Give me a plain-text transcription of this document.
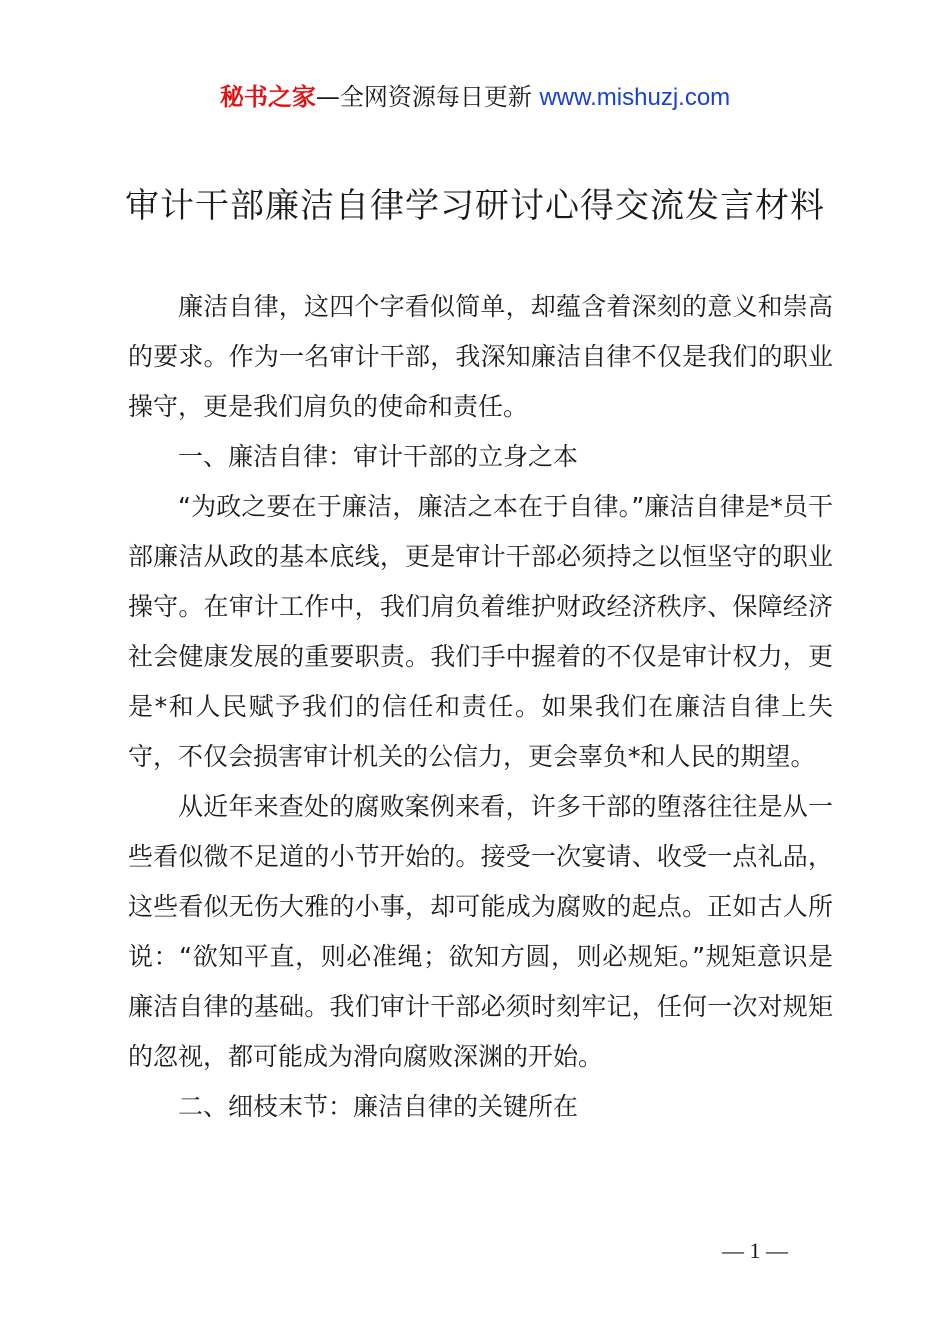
秘书之家—全网资源每日更新 www.mishuzj.com
审计干部廉洁自律学习研讨心得交流发言材料

廉洁自律，这四个字看似简单，却蕴含着深刻的意义和崇高的要求。作为一名审计干部，我深知廉洁自律不仅是我们的职业操守，更是我们肩负的使命和责任。

一、廉洁自律：审计干部的立身之本

“为政之要在于廉洁，廉洁之本在于自律。”廉洁自律是*员干部廉洁从政的基本底线，更是审计干部必须持之以恒坚守的职业操守。在审计工作中，我们肩负着维护财政经济秩序、保障经济社会健康发展的重要职责。我们手中握着的不仅是审计权力，更是*和人民赋予我们的信任和责任。如果我们在廉洁自律上失守，不仅会损害审计机关的公信力，更会辜负*和人民的期望。

从近年来查处的腐败案例来看，许多干部的堕落往往是从一些看似微不足道的小节开始的。接受一次宴请、收受一点礼品，这些看似无伤大雅的小事，却可能成为腐败的起点。正如古人所说：“欲知平直，则必准绳；欲知方圆，则必规矩。”规矩意识是廉洁自律的基础。我们审计干部必须时刻牢记，任何一次对规矩的忽视，都可能成为滑向腐败深渊的开始。

二、细枝末节：廉洁自律的关键所在

— 1 —
